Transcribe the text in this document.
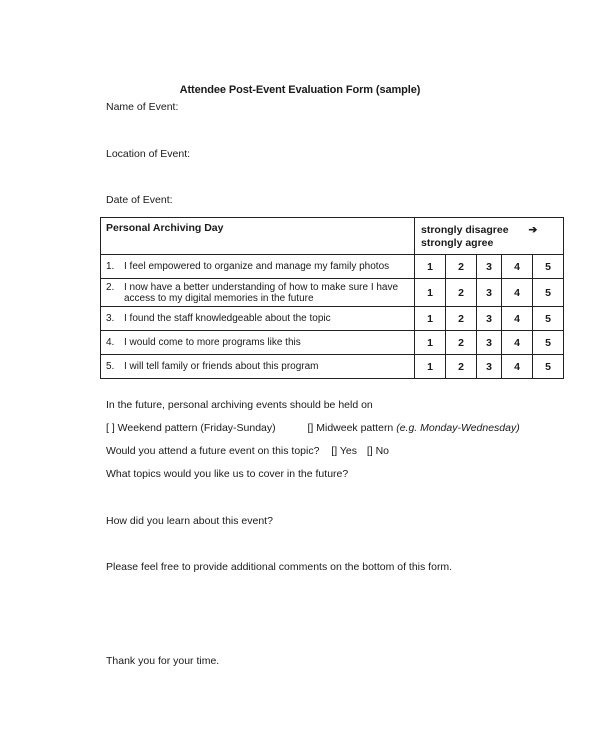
Attendee Post-Event Evaluation Form (sample)
Name of Event:
Location of Event:
Date of Event:
Personal Archiving Day	strongly disagree ➔
strongly agree				

1. I feel empowered to organize and manage my family photos	1	2	3	4	5

2. I now have a better understanding of how to make sure I have access to my digital memories in the future	1	2	3	4	5

3. I found the staff knowledgeable about the topic	1	2	3	4	5

4. I would come to more programs like this	1	2	3	4	5

5. I will tell family or friends about this program	1	2	3	4	5
In the future, personal archiving events should be held on
[ ] Weekend pattern (Friday-Sunday)	[] Midweek pattern (e.g. Monday-Wednesday)
Would you attend a future event on this topic? [] Yes [] No
What topics would you like us to cover in the future?
How did you learn about this event?
Please feel free to provide additional comments on the bottom of this form.
Thank you for your time.
